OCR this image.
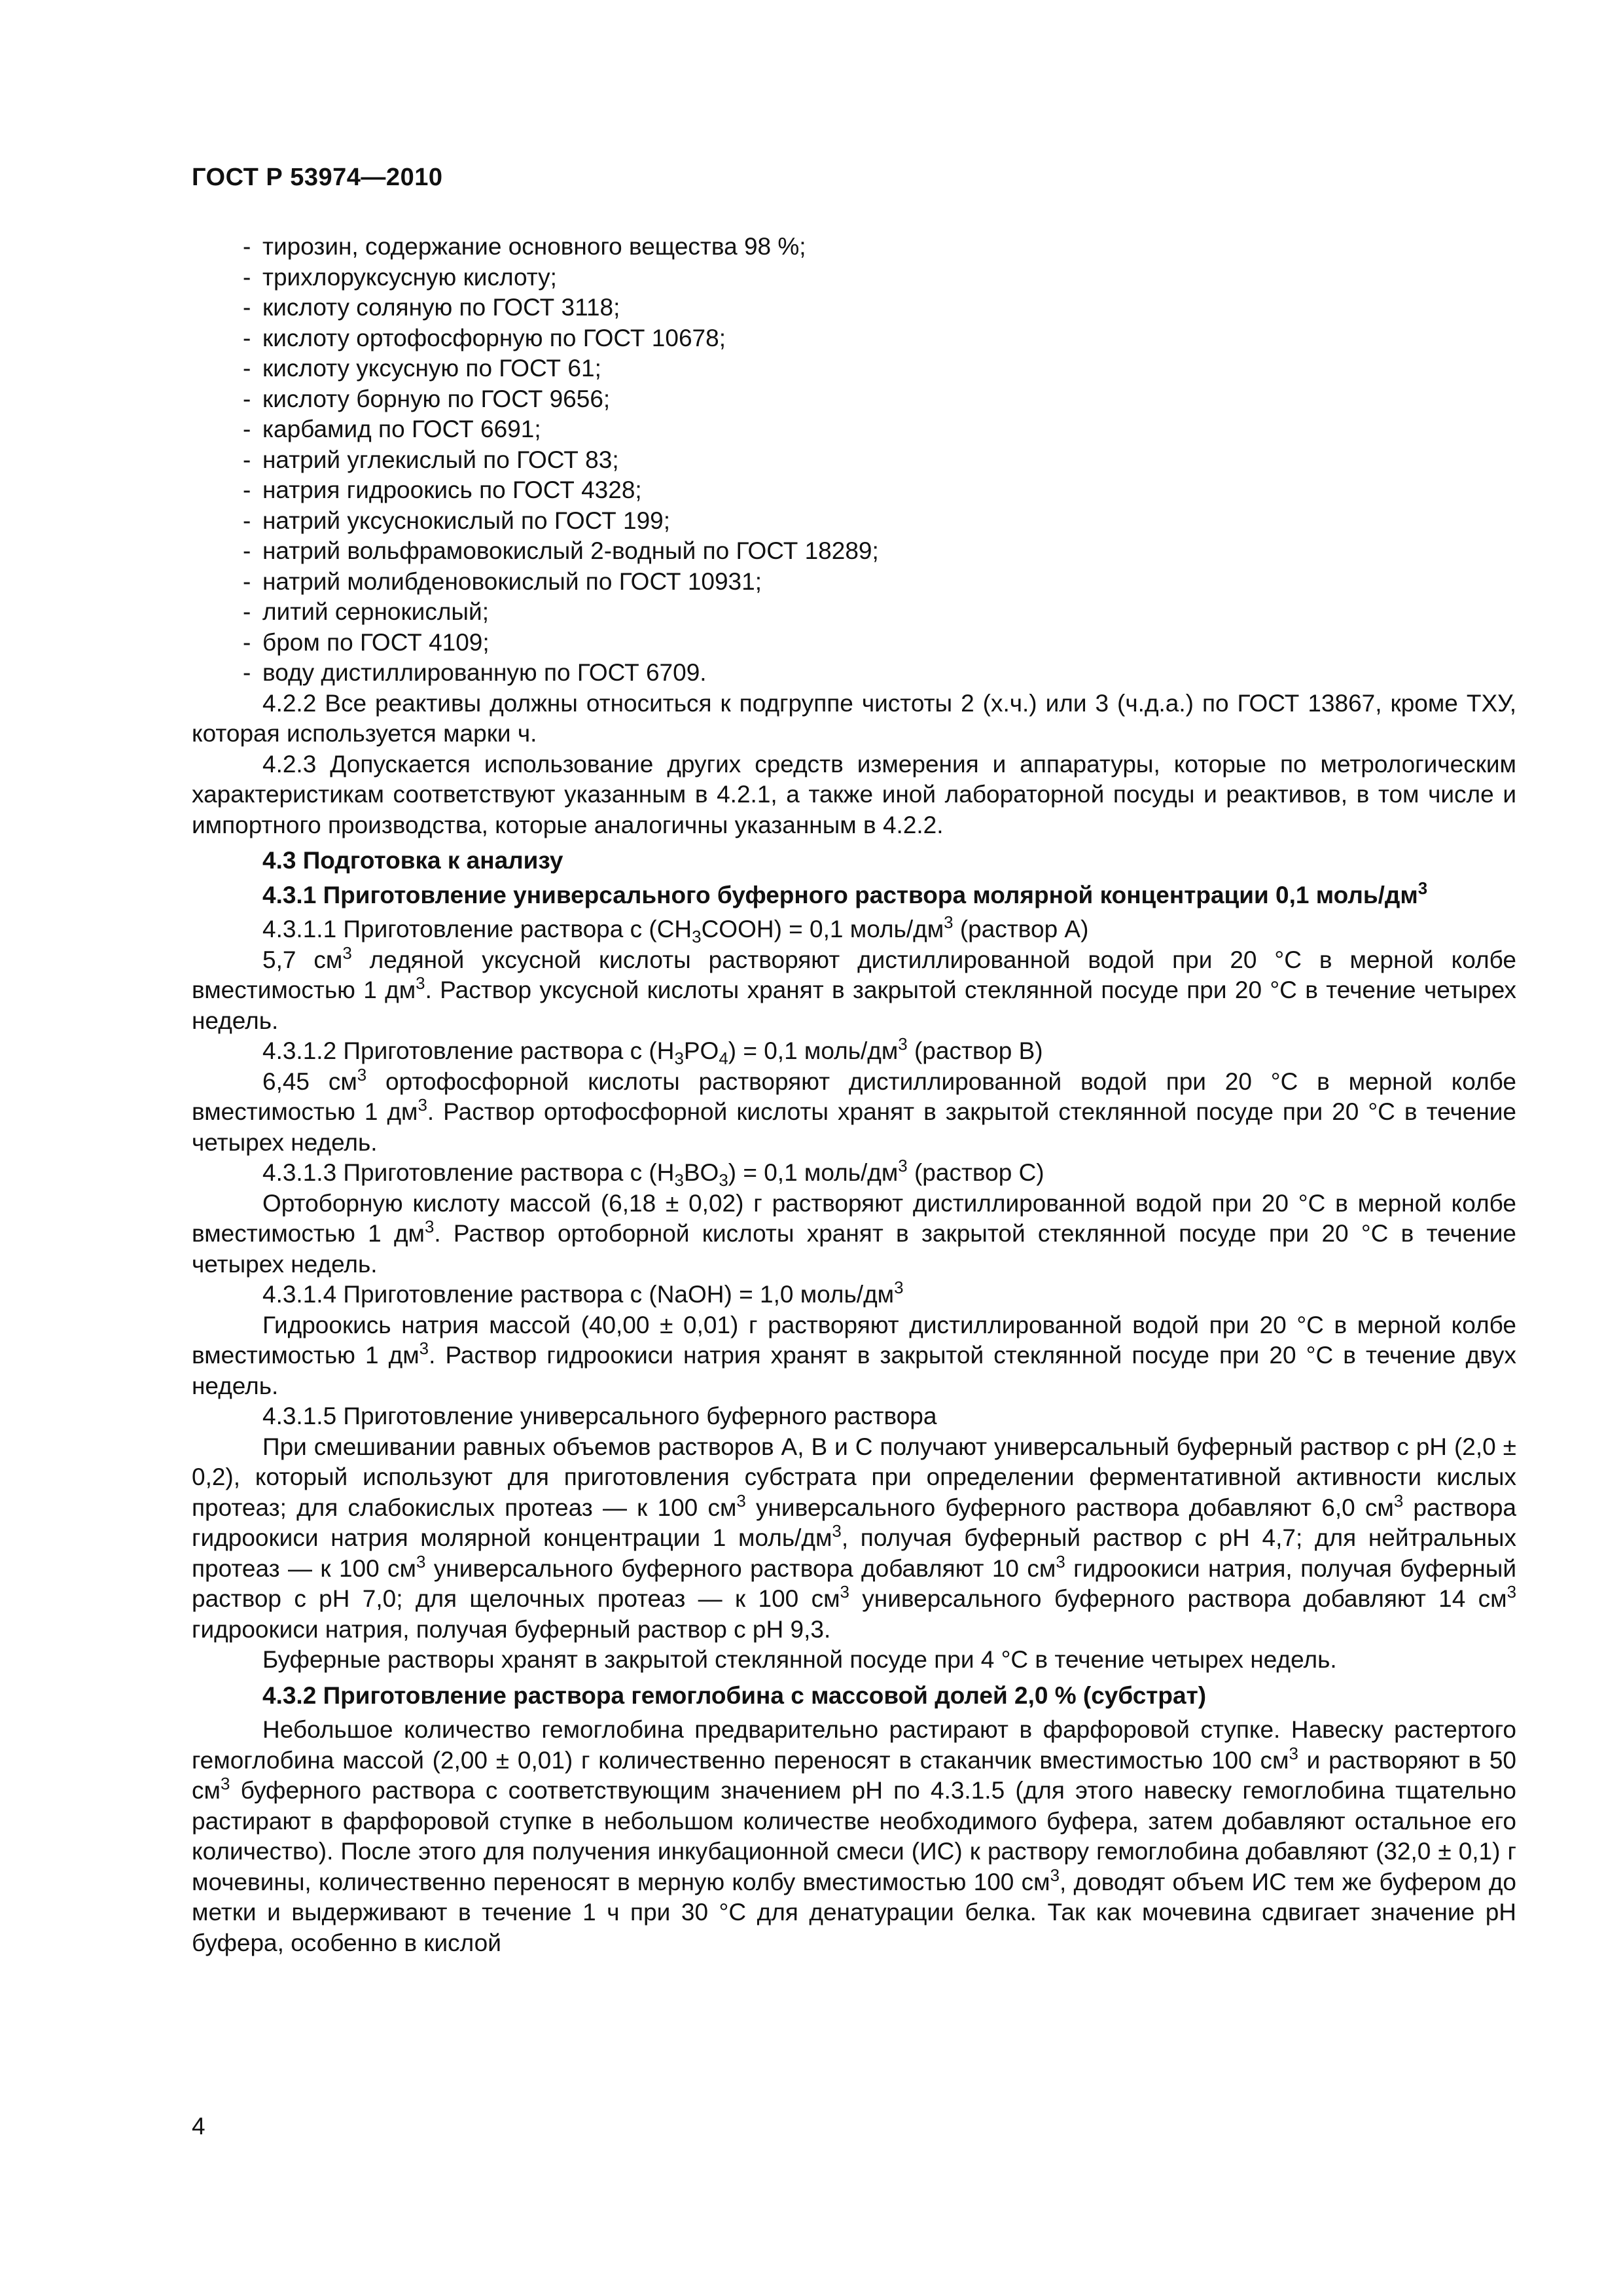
ГОСТ Р 53974—2010

- тирозин, содержание основного вещества 98 %;

- трихлоруксусную кислоту;

- кислоту соляную по ГОСТ 3118;

- кислоту ортофосфорную по ГОСТ 10678;

- кислоту уксусную по ГОСТ 61;

- кислоту борную по ГОСТ 9656;

- карбамид по ГОСТ 6691;

- натрий углекислый по ГОСТ 83;

- натрия гидроокись по ГОСТ 4328;

- натрий уксуснокислый по ГОСТ 199;

- натрий вольфрамовокислый 2-водный по ГОСТ 18289;

- натрий молибденовокислый по ГОСТ 10931;

- литий сернокислый;

- бром по ГОСТ 4109;

- воду дистиллированную по ГОСТ 6709.

4.2.2 Все реактивы должны относиться к подгруппе чистоты 2 (х.ч.) или 3 (ч.д.а.) по ГОСТ 13867, кроме ТХУ, которая используется марки ч.

4.2.3 Допускается использование других средств измерения и аппаратуры, которые по метрологическим характеристикам соответствуют указанным в 4.2.1, а также иной лабораторной посуды и реактивов, в том числе и импортного производства, которые аналогичны указанным в 4.2.2.

4.3 Подготовка к анализу

4.3.1 Приготовление универсального буферного раствора молярной концентрации 0,1 моль/$дм^3$

4.3.1.1 Приготовление раствора с $(CH_3COOH) = 0,1$ моль/$дм^3$ (раствор А)

5,7 $см^3$ ледяной уксусной кислоты растворяют дистиллированной водой при 20 °С в мерной колбе вместимостью 1 $дм^3$. Раствор уксусной кислоты хранят в закрытой стеклянной посуде при 20 °С в течение четырех недель.

4.3.1.2 Приготовление раствора с $(H_3PO_4) = 0,1$ моль/$дм^3$ (раствор В)

6,45 $см^3$ ортофосфорной кислоты растворяют дистиллированной водой при 20 °С в мерной колбе вместимостью 1 $дм^3$. Раствор ортофосфорной кислоты хранят в закрытой стеклянной посуде при 20 °С в течение четырех недель.

4.3.1.3 Приготовление раствора с $(H_3BO_3) = 0,1$ моль/$дм^3$ (раствор С)

Ортоборную кислоту массой (6,18 ± 0,02) г растворяют дистиллированной водой при 20 °С в мерной колбе вместимостью 1 $дм^3$. Раствор ортоборной кислоты хранят в закрытой стеклянной посуде при 20 °С в течение четырех недель.

4.3.1.4 Приготовление раствора с (NaOH) = 1,0 моль/$дм^3$

Гидроокись натрия массой (40,00 ± 0,01) г растворяют дистиллированной водой при 20 °С в мерной колбе вместимостью 1 $дм^3$. Раствор гидроокиси натрия хранят в закрытой стеклянной посуде при 20 °С в течение двух недель.

4.3.1.5 Приготовление универсального буферного раствора

При смешивании равных объемов растворов А, В и С получают универсальный буферный раствор с рН (2,0 ± 0,2), который используют для приготовления субстрата при определении ферментативной активности кислых протеаз; для слабокислых протеаз — к 100 $см^3$ универсального буферного раствора добавляют 6,0 $см^3$ раствора гидроокиси натрия молярной концентрации 1 моль/$дм^3$, получая буферный раствор с рН 4,7; для нейтральных протеаз — к 100 $см^3$ универсального буферного раствора добавляют 10 $см^3$ гидроокиси натрия, получая буферный раствор с рН 7,0; для щелочных протеаз — к 100 $см^3$ универсального буферного раствора добавляют 14 $см^3$ гидроокиси натрия, получая буферный раствор с рН 9,3.

Буферные растворы хранят в закрытой стеклянной посуде при 4 °С в течение четырех недель.

4.3.2 Приготовление раствора гемоглобина с массовой долей 2,0 % (субстрат)

Небольшое количество гемоглобина предварительно растирают в фарфоровой ступке. Навеску растертого гемоглобина массой (2,00 ± 0,01) г количественно переносят в стаканчик вместимостью 100 $см^3$ и растворяют в 50 $см^3$ буферного раствора с соответствующим значением рН по 4.3.1.5 (для этого навеску гемоглобина тщательно растирают в фарфоровой ступке в небольшом количестве необходимого буфера, затем добавляют остальное его количество). После этого для получения инкубационной смеси (ИС) к раствору гемоглобина добавляют (32,0 ± 0,1) г мочевины, количественно переносят в мерную колбу вместимостью 100 $см^3$, доводят объем ИС тем же буфером до метки и выдерживают в течение 1 ч при 30 °С для денатурации белка. Так как мочевина сдвигает значение рН буфера, особенно в кислой

4
